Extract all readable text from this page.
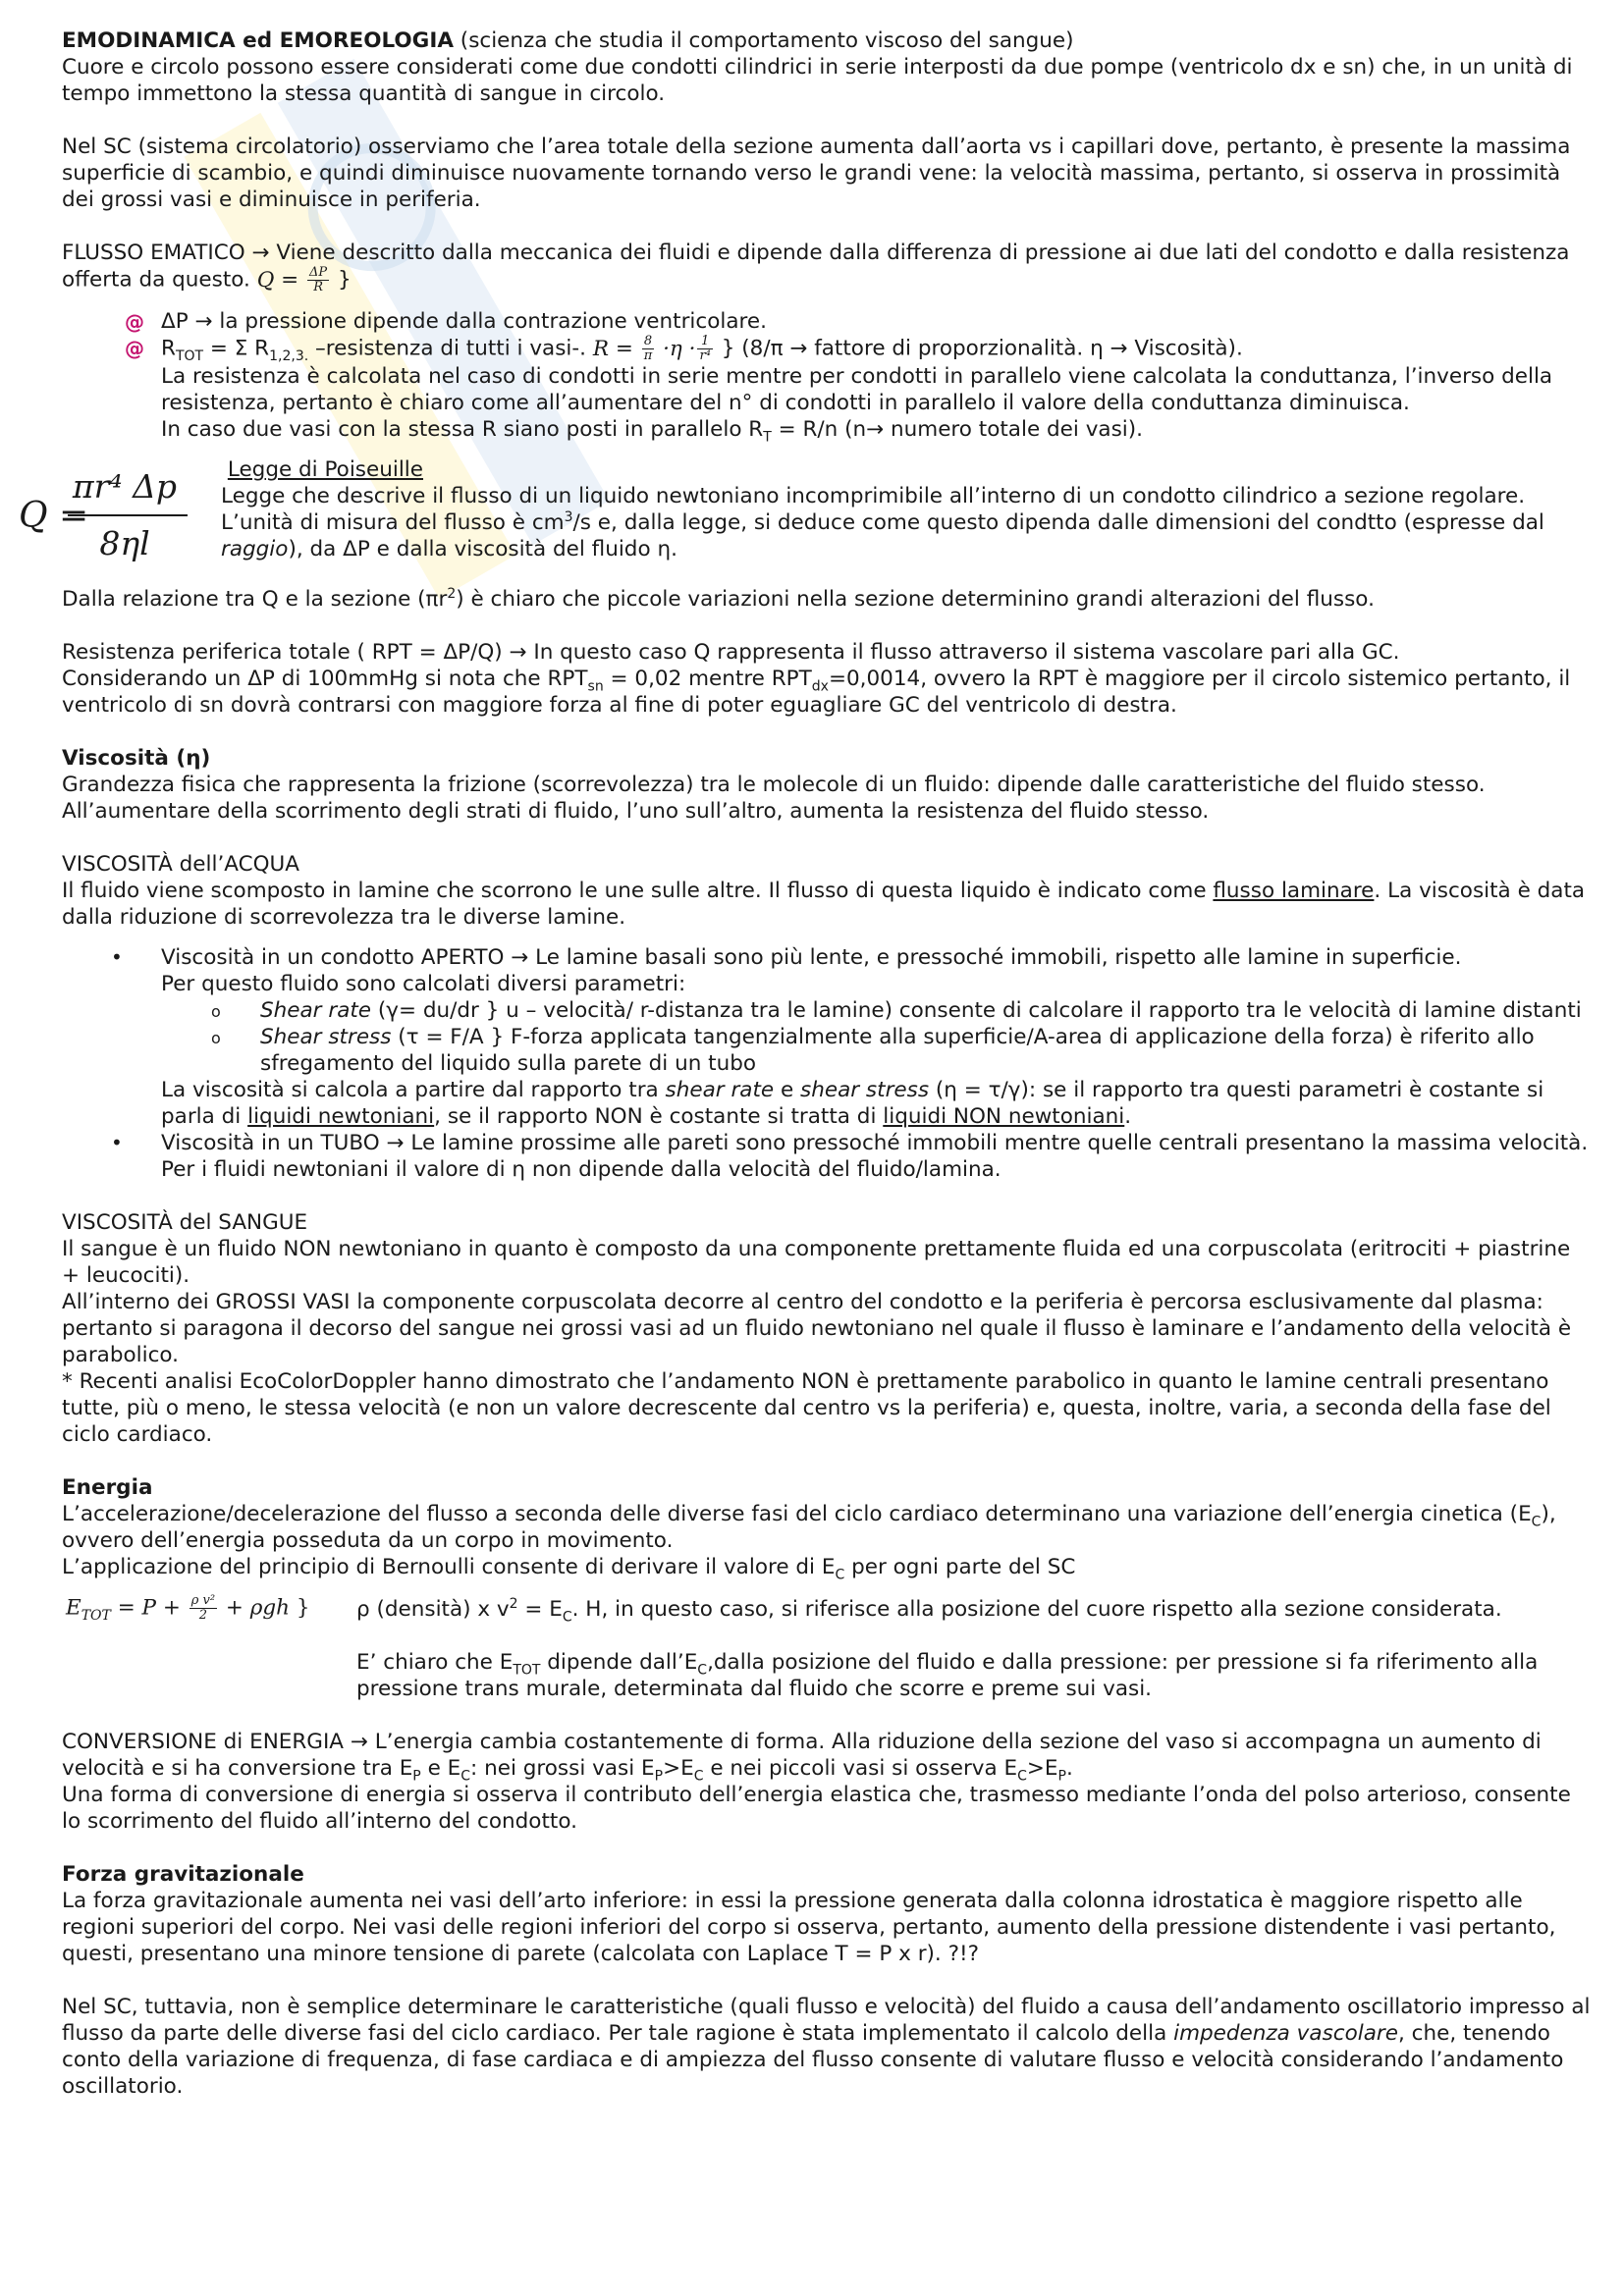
EMODINAMICA ed EMOREOLOGIA (scienza che studia il comportamento viscoso del sangue)

Cuore e circolo possono essere considerati come due condotti cilindrici in serie interposti da due pompe (ventricolo dx e sn) che, in un unità di tempo immettono la stessa quantità di sangue in circolo.

Nel SC (sistema circolatorio) osserviamo che l’area totale della sezione aumenta dall’aorta vs i capillari dove, pertanto, è presente la massima superficie di scambio, e quindi diminuisce nuovamente tornando verso le grandi vene: la velocità massima, pertanto, si osserva in prossimità dei grossi vasi e diminuisce in periferia.

FLUSSO EMATICO → Viene descritto dalla meccanica dei fluidi e dipende dalla differenza di pressione ai due lati del condotto e dalla resistenza offerta da questo. $Q = \frac{\Delta P}{R}$ }

@ ΔP → la pressione dipende dalla contrazione ventricolare.
@ $R_{TOT} = \Sigma$ $R_{1,2,3.}$ –resistenza di tutti i vasi-. $R = \frac{8}{\pi} \cdot\eta \cdot \frac{1}{\text{r⁴}}$ } (8/π → fattore di proporzionalità. η → Viscosità).

La resistenza è calcolata nel caso di condotti in serie mentre per condotti in parallelo viene calcolata la conduttanza, l’inverso della resistenza, pertanto è chiaro come all’aumentare del n° di condotti in parallelo il valore della conduttanza diminuisca.

In caso due vasi con la stessa R siano posti in parallelo $R_T = R/n$ (n→ numero totale dei vasi).

Q =
πr⁴ Δp
8ηl

Legge di Poiseuille

Legge che descrive il flusso di un liquido newtoniano incomprimibile all’interno di un condotto cilindrico a sezione regolare.

L’unità di misura del flusso è $cm^3/s$ e, dalla legge, si deduce come questo dipenda dalle dimensioni del condtto (espresse dal raggio), da ΔP e dalla viscosità del fluido η.

Dalla relazione tra Q e la sezione $(\pi r^2)$ è chiaro che piccole variazioni nella sezione determinino grandi alterazioni del flusso.

Resistenza periferica totale ( RPT = ΔP/Q) → In questo caso Q rappresenta il flusso attraverso il sistema vascolare pari alla GC.

Considerando un ΔP di 100mmHg si nota che $RPT_{sn} = 0,02$ mentre $RPT_{dx}=0,0014$, ovvero la RPT è maggiore per il circolo sistemico pertanto, il ventricolo di sn dovrà contrarsi con maggiore forza al fine di poter eguagliare GC del ventricolo di destra.

Viscosità (η)

Grandezza fisica che rappresenta la frizione (scorrevolezza) tra le molecole di un fluido: dipende dalle caratteristiche del fluido stesso. All’aumentare della scorrimento degli strati di fluido, l’uno sull’altro, aumenta la resistenza del fluido stesso.

VISCOSITÀ dell’ACQUA

Il fluido viene scomposto in lamine che scorrono le une sulle altre. Il flusso di questa liquido è indicato come flusso laminare. La viscosità è data dalla riduzione di scorrevolezza tra le diverse lamine.

• Viscosità in un condotto APERTO → Le lamine basali sono più lente, e pressoché immobili, rispetto alle lamine in superficie.

Per questo fluido sono calcolati diversi parametri:

o Shear rate (γ= du/dr } u – velocità/ r-distanza tra le lamine) consente di calcolare il rapporto tra le velocità di lamine distanti
o Shear stress (τ = F/A } F-forza applicata tangenzialmente alla superficie/A-area di applicazione della forza) è riferito allo sfregamento del liquido sulla parete di un tubo

La viscosità si calcola a partire dal rapporto tra shear rate e shear stress (η = τ/γ): se il rapporto tra questi parametri è costante si parla di liquidi newtoniani, se il rapporto NON è costante si tratta di liquidi NON newtoniani.

• Viscosità in un TUBO → Le lamine prossime alle pareti sono pressoché immobili mentre quelle centrali presentano la massima velocità. Per i fluidi newtoniani il valore di η non dipende dalla velocità del fluido/lamina.

VISCOSITÀ del SANGUE

Il sangue è un fluido NON newtoniano in quanto è composto da una componente prettamente fluida ed una corpuscolata (eritrociti + piastrine + leucociti).

All’interno dei GROSSI VASI la componente corpuscolata decorre al centro del condotto e la periferia è percorsa esclusivamente dal plasma: pertanto si paragona il decorso del sangue nei grossi vasi ad un fluido newtoniano nel quale il flusso è laminare e l’andamento della velocità è parabolico.

* Recenti analisi EcoColorDoppler hanno dimostrato che l’andamento NON è prettamente parabolico in quanto le lamine centrali presentano tutte, più o meno, le stessa velocità (e non un valore decrescente dal centro vs la periferia) e, questa, inoltre, varia, a seconda della fase del ciclo cardiaco.

Energia

L’accelerazione/decelerazione del flusso a seconda delle diverse fasi del ciclo cardiaco determinano una variazione dell’energia cinetica $(E_C)$, ovvero dell’energia posseduta da un corpo in movimento.

L’applicazione del principio di Bernoulli consente di derivare il valore di $E_C$ per ogni parte del SC

$E_{TOT} = P + \frac{\text{ρ v²}}{2} + \rho gh$ } ρ (densità) x $v^2 = E_C$. H, in questo caso, si riferisce alla posizione del cuore rispetto alla sezione considerata.

E’ chiaro che $E_{TOT}$ dipende $dall’E_C,dalla$ posizione del fluido e dalla pressione: per pressione si fa riferimento alla pressione trans murale, determinata dal fluido che scorre e preme sui vasi.

CONVERSIONE di ENERGIA → L’energia cambia costantemente di forma. Alla riduzione della sezione del vaso si accompagna un aumento di velocità e si ha conversione tra $E_P$ e $E_C$: nei grossi vasi $E_P>E_C$ e nei piccoli vasi si osserva $E_C>E_P$.

Una forma di conversione di energia si osserva il contributo dell’energia elastica che, trasmesso mediante l’onda del polso arterioso, consente lo scorrimento del fluido all’interno del condotto.

Forza gravitazionale

La forza gravitazionale aumenta nei vasi dell’arto inferiore: in essi la pressione generata dalla colonna idrostatica è maggiore rispetto alle regioni superiori del corpo. Nei vasi delle regioni inferiori del corpo si osserva, pertanto, aumento della pressione distendente i vasi pertanto, questi, presentano una minore tensione di parete (calcolata con Laplace T = P x r). ?!?

Nel SC, tuttavia, non è semplice determinare le caratteristiche (quali flusso e velocità) del fluido a causa dell’andamento oscillatorio impresso al flusso da parte delle diverse fasi del ciclo cardiaco. Per tale ragione è stata implementato il calcolo della impedenza vascolare, che, tenendo conto della variazione di frequenza, di fase cardiaca e di ampiezza del flusso consente di valutare flusso e velocità considerando l’andamento oscillatorio.
